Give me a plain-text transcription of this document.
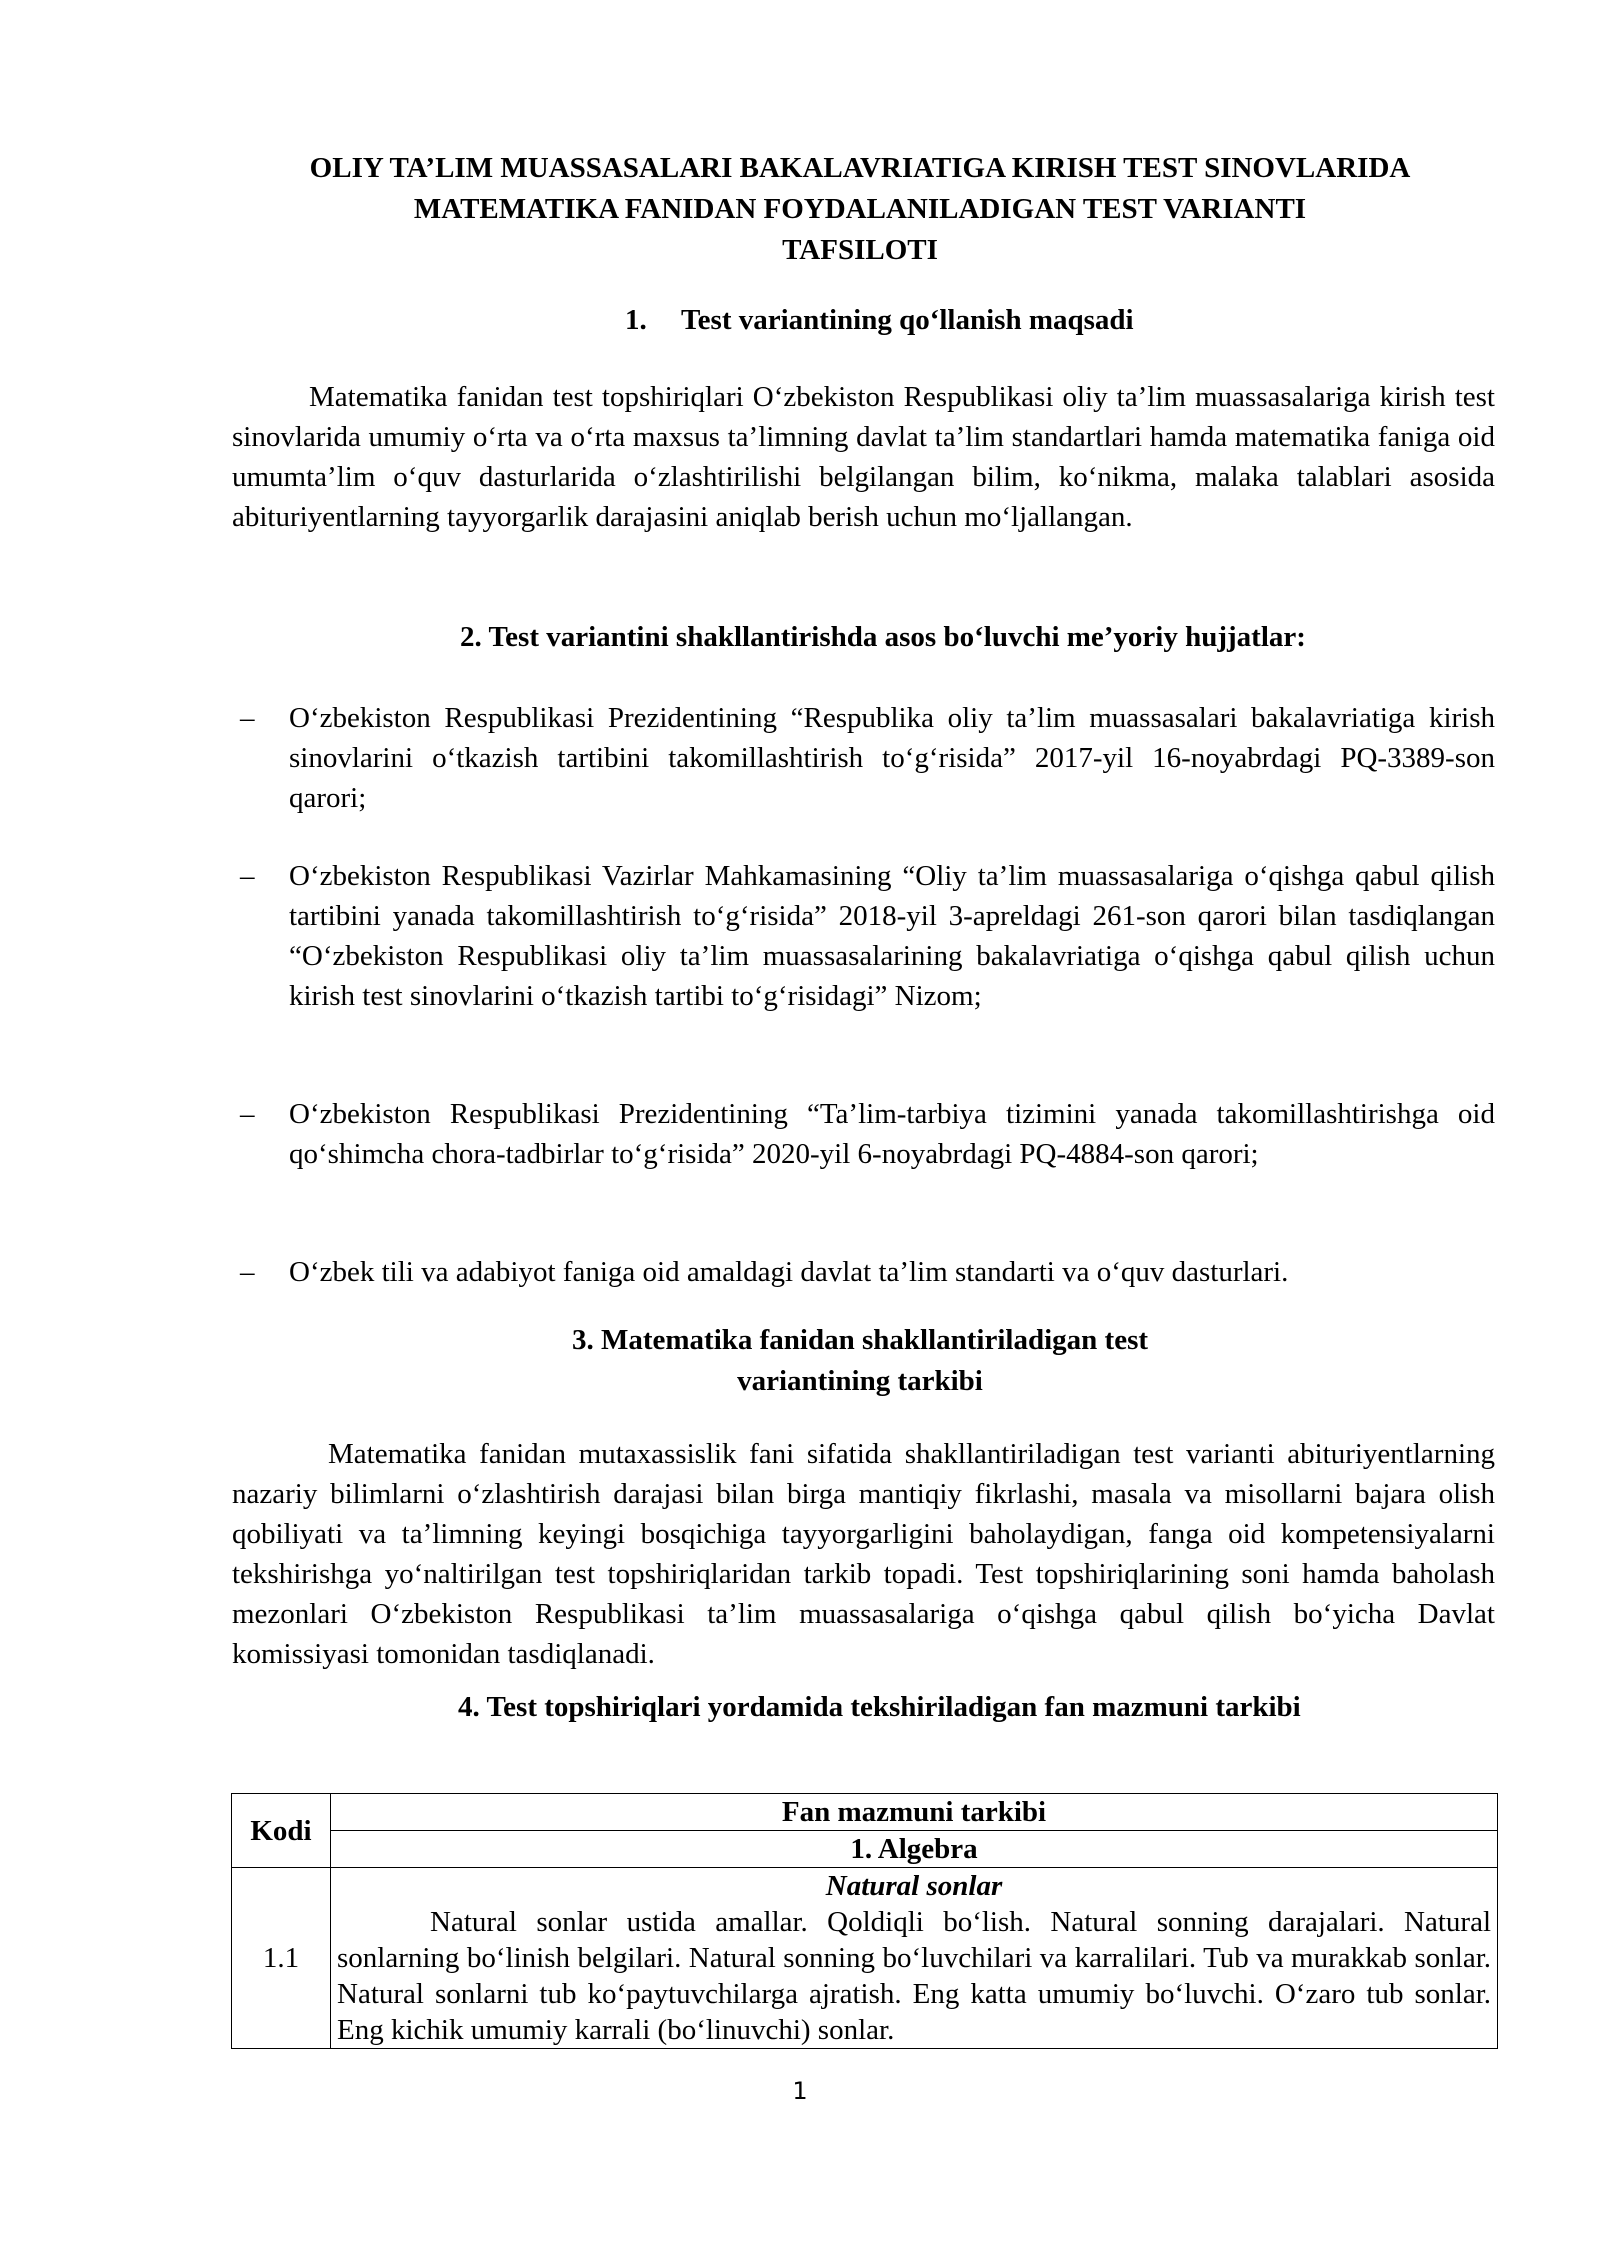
OLIY TA’LIM MUASSASALARI BAKALAVRIATIGA KIRISH TEST SINOVLARIDA
MATEMATIKA FANIDAN FOYDALANILADIGAN TEST VARIANTI
TAFSILOTI
1. Test variantining qo‘llanish maqsadi

Matematika fanidan test topshiriqlari O‘zbekiston Respublikasi oliy ta’lim muassasalariga kirish test sinovlarida umumiy o‘rta va o‘rta maxsus ta’limning davlat ta’lim standartlari hamda matematika faniga oid umumta’lim o‘quv dasturlarida o‘zlashtirilishi belgilangan bilim, ko‘nikma, malaka talablari asosida abituriyentlarning tayyorgarlik darajasini aniqlab berish uchun mo‘ljallangan.

2. Test variantini shakllantirishda asos bo‘luvchi me’yoriy hujjatlar:
– O‘zbekiston Respublikasi Prezidentining “Respublika oliy ta’lim muassasalari bakalavriatiga kirish sinovlarini o‘tkazish tartibini takomillashtirish to‘g‘risida” 2017-yil 16-noyabrdagi PQ-3389-son qarori;
– O‘zbekiston Respublikasi Vazirlar Mahkamasining “Oliy ta’lim muassasalariga o‘qishga qabul qilish tartibini yanada takomillashtirish to‘g‘risida” 2018-yil 3-apreldagi 261-son qarori bilan tasdiqlangan “O‘zbekiston Respublikasi oliy ta’lim muassasalarining bakalavriatiga o‘qishga qabul qilish uchun kirish test sinovlarini o‘tkazish tartibi to‘g‘risidagi” Nizom;
– O‘zbekiston Respublikasi Prezidentining “Ta’lim-tarbiya tizimini yanada takomillashtirishga oid qo‘shimcha chora-tadbirlar to‘g‘risida” 2020-yil 6-noyabrdagi PQ-4884-son qarori;
– O‘zbek tili va adabiyot faniga oid amaldagi davlat ta’lim standarti va o‘quv dasturlari.
3. Matematika fanidan shakllantiriladigan test
variantining tarkibi

Matematika fanidan mutaxassislik fani sifatida shakllantiriladigan test varianti abituriyentlarning nazariy bilimlarni o‘zlashtirish darajasi bilan birga mantiqiy fikrlashi, masala va misollarni bajara olish qobiliyati va ta’limning keyingi bosqichiga tayyorgarligini baholaydigan, fanga oid kompetensiyalarni tekshirishga yo‘naltirilgan test topshiriqlaridan tarkib topadi. Test topshiriqlarining soni hamda baholash mezonlari O‘zbekiston Respublikasi ta’lim muassasalariga o‘qishga qabul qilish bo‘yicha Davlat komissiyasi tomonidan tasdiqlanadi.

4. Test topshiriqlari yordamida tekshiriladigan fan mazmuni tarkibi
Kodi	Fan mazmuni tarkibi
	1. Algebra
1.1	Natural sonlar
Natural sonlar ustida amallar. Qoldiqli bo‘lish. Natural sonning darajalari. Natural sonlarning bo‘linish belgilari. Natural sonning bo‘luvchilari va karralilari. Tub va murakkab sonlar. Natural sonlarni tub ko‘paytuvchilarga ajratish. Eng katta umumiy bo‘luvchi. O‘zaro tub sonlar. Eng kichik umumiy karrali (bo‘linuvchi) sonlar.
1
